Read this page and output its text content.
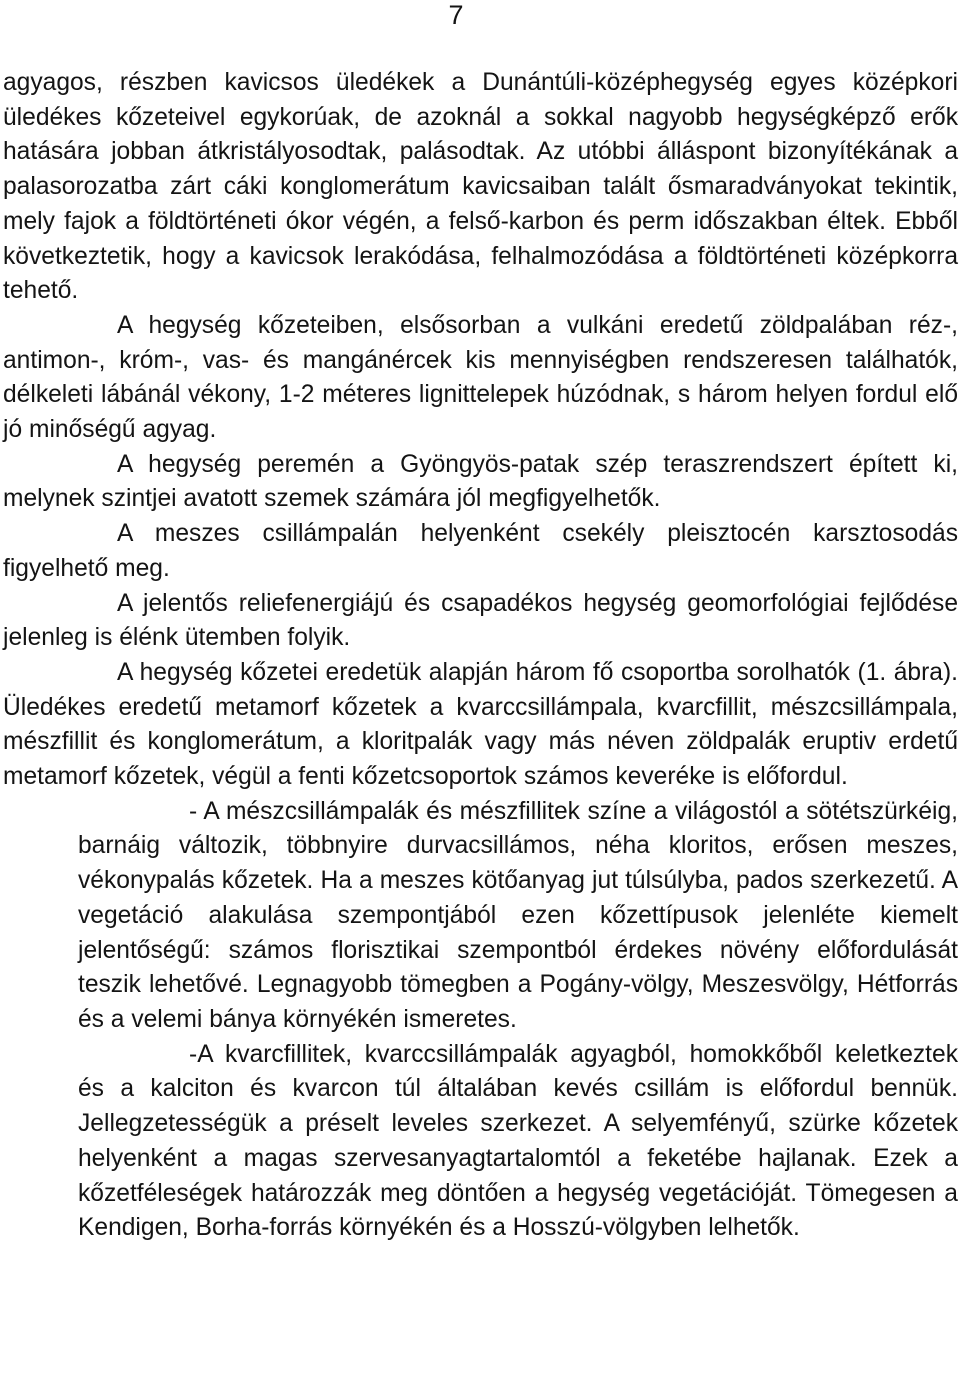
7

agyagos, részben kavicsos üledékek a Dunántúli-középhegység egyes középkori üledékes kőzeteivel egykorúak, de azoknál a sokkal nagyobb hegységképző erők hatására jobban átkristályosodtak, palásodtak. Az utóbbi álláspont bizonyítékának a palasorozatba zárt cáki konglomerátum kavicsaiban talált ősmaradványokat tekintik, mely fajok a földtörténeti ókor végén, a felső-karbon és perm időszakban éltek. Ebből következtetik, hogy a kavicsok lerakódása, felhalmozódása a földtörténeti középkorra tehető.

A hegység kőzeteiben, elsősorban a vulkáni eredetű zöldpalában réz-, antimon-, króm-, vas- és mangánércek kis mennyiségben rendszeresen találhatók, délkeleti lábánál vékony, 1-2 méteres lignittelepek húzódnak, s három helyen fordul elő jó minőségű agyag.

A hegység peremén a Gyöngyös-patak szép teraszrendszert épített ki, melynek szintjei avatott szemek számára jól megfigyelhetők.

A meszes csillámpalán helyenként csekély pleisztocén karsztosodás figyelhető meg.

A jelentős reliefenergiájú és csapadékos hegység geomorfológiai fejlődése jelenleg is élénk ütemben folyik.

A hegység kőzetei eredetük alapján három fő csoportba sorolhatók (1. ábra). Üledékes eredetű metamorf kőzetek a kvarccsillámpala, kvarcfillit, mészcsillámpala, mészfillit és konglomerátum, a kloritpalák vagy más néven zöldpalák eruptiv erdetű metamorf kőzetek, végül a fenti kőzetcsoportok számos keveréke is előfordul.

- A mészcsillámpalák és mészfillitek színe a világostól a sötétszürkéig, barnáig változik, többnyire durvacsillámos, néha kloritos, erősen meszes, vékonypalás kőzetek. Ha a meszes kötőanyag jut túlsúlyba, pados szerkezetű. A vegetáció alakulása szempontjából ezen kőzettípusok jelenléte kiemelt jelentőségű: számos florisztikai szempontból érdekes növény előfordulását teszik lehetővé. Legnagyobb tömegben a Pogány-völgy, Meszesvölgy, Hétforrás és a velemi bánya környékén ismeretes.

-A kvarcfillitek, kvarccsillámpalák agyagból, homokkőből keletkeztek és a kalciton és kvarcon túl általában kevés csillám is előfordul bennük. Jellegzetességük a préselt leveles szerkezet. A selyemfényű, szürke kőzetek helyenként a magas szervesanyagtartalomtól a feketébe hajlanak. Ezek a kőzetféleségek határozzák meg döntően a hegység vegetációját. Tömegesen a Kendigen, Borha-forrás környékén és a Hosszú-völgyben lelhetők.
